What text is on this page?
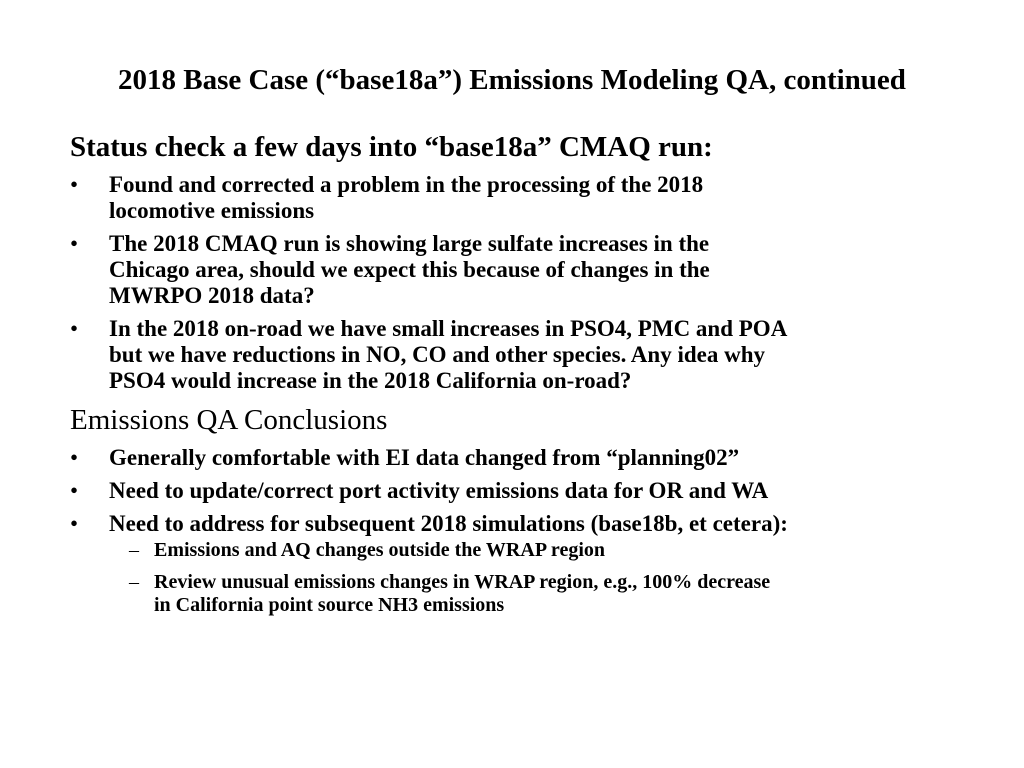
2018 Base Case (“base18a”) Emissions Modeling QA, continued
Status check a few days into “base18a” CMAQ run:
•	Found and corrected a problem in the processing of the 2018
locomotive emissions
•	The 2018 CMAQ run is showing large sulfate increases in the
Chicago area, should we expect this because of changes in the
MWRPO 2018 data?
•	In the 2018 on-road we have small increases in PSO4, PMC and POA
but we have reductions in NO, CO and other species. Any idea why
PSO4 would increase in the 2018 California on-road?
Emissions QA Conclusions
•	Generally comfortable with EI data changed from “planning02”
•	Need to update/correct port activity emissions data for OR and WA
•	Need to address for subsequent 2018 simulations (base18b, et cetera):
– Emissions and AQ changes outside the WRAP region
– Review unusual emissions changes in WRAP region, e.g., 100% decrease
in California point source NH3 emissions
